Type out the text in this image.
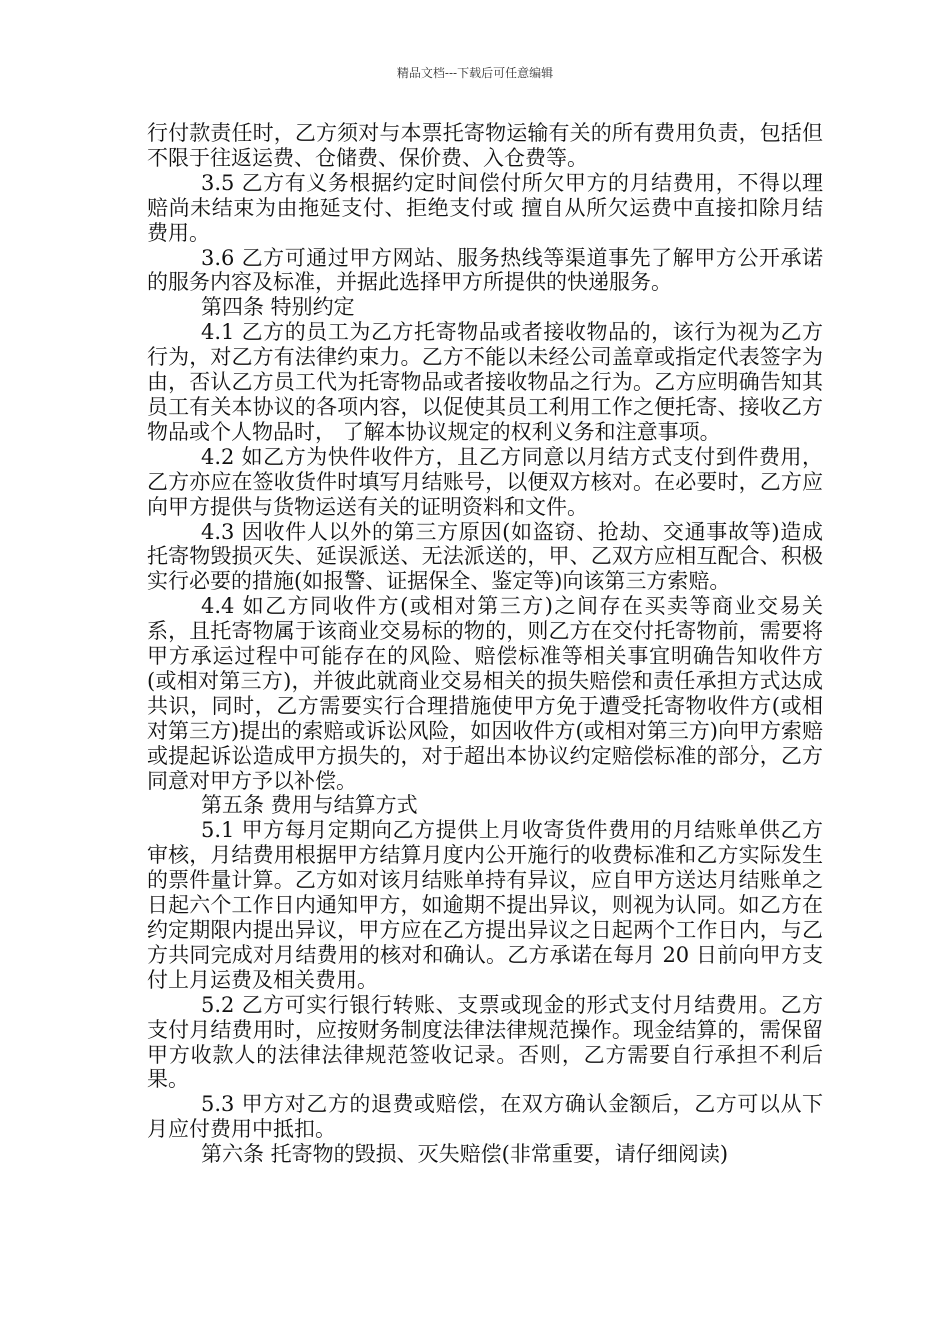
精品文档---下载后可任意编辑

行付款责任时，乙方须对与本票托寄物运输有关的所有费用负责，包括但不限于往返运费、仓储费、保价费、入仓费等。

3.5 乙方有义务根据约定时间偿付所欠甲方的月结费用，不得以理赔尚未结束为由拖延支付、拒绝支付或 擅自从所欠运费中直接扣除月结费用。

3.6 乙方可通过甲方网站、服务热线等渠道事先了解甲方公开承诺的服务内容及标准，并据此选择甲方所提供的快递服务。

第四条 特别约定

4.1 乙方的员工为乙方托寄物品或者接收物品的，该行为视为乙方行为，对乙方有法律约束力。乙方不能以未经公司盖章或指定代表签字为由，否认乙方员工代为托寄物品或者接收物品之行为。乙方应明确告知其员工有关本协议的各项内容，以促使其员工利用工作之便托寄、接收乙方物品或个人物品时， 了解本协议规定的权利义务和注意事项。

4.2 如乙方为快件收件方，且乙方同意以月结方式支付到件费用，乙方亦应在签收货件时填写月结账号，以便双方核对。在必要时，乙方应向甲方提供与货物运送有关的证明资料和文件。

4.3 因收件人以外的第三方原因(如盗窃、抢劫、交通事故等)造成托寄物毁损灭失、延误派送、无法派送的，甲、乙双方应相互配合、积极实行必要的措施(如报警、证据保全、鉴定等)向该第三方索赔。

4.4 如乙方同收件方(或相对第三方)之间存在买卖等商业交易关系，且托寄物属于该商业交易标的物的，则乙方在交付托寄物前，需要将甲方承运过程中可能存在的风险、赔偿标准等相关事宜明确告知收件方(或相对第三方)，并彼此就商业交易相关的损失赔偿和责任承担方式达成共识，同时，乙方需要实行合理措施使甲方免于遭受托寄物收件方(或相对第三方)提出的索赔或诉讼风险，如因收件方(或相对第三方)向甲方索赔或提起诉讼造成甲方损失的，对于超出本协议约定赔偿标准的部分，乙方同意对甲方予以补偿。

第五条 费用与结算方式

5.1 甲方每月定期向乙方提供上月收寄货件费用的月结账单供乙方审核，月结费用根据甲方结算月度内公开施行的收费标准和乙方实际发生的票件量计算。乙方如对该月结账单持有异议，应自甲方送达月结账单之日起六个工作日内通知甲方，如逾期不提出异议，则视为认同。如乙方在约定期限内提出异议，甲方应在乙方提出异议之日起两个工作日内，与乙方共同完成对月结费用的核对和确认。乙方承诺在每月 20 日前向甲方支付上月运费及相关费用。

5.2 乙方可实行银行转账、支票或现金的形式支付月结费用。乙方支付月结费用时，应按财务制度法律法律规范操作。现金结算的，需保留甲方收款人的法律法律规范签收记录。否则，乙方需要自行承担不利后果。

5.3 甲方对乙方的退费或赔偿，在双方确认金额后，乙方可以从下月应付费用中抵扣。

第六条 托寄物的毁损、灭失赔偿(非常重要，请仔细阅读)
